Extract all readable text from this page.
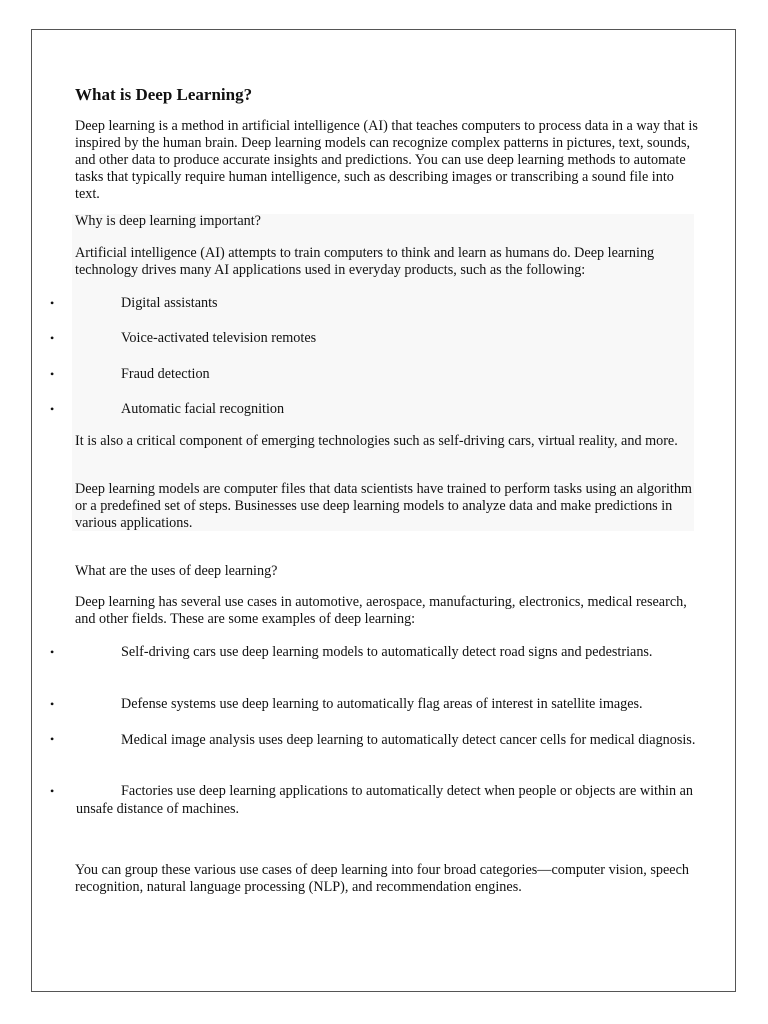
What is Deep Learning?

Deep learning is a method in artificial intelligence (AI) that teaches computers to process data in a way that is inspired by the human brain. Deep learning models can recognize complex patterns in pictures, text, sounds, and other data to produce accurate insights and predictions. You can use deep learning methods to automate tasks that typically require human intelligence, such as describing images or transcribing a sound file into text.

Why is deep learning important?

Artificial intelligence (AI) attempts to train computers to think and learn as humans do. Deep learning technology drives many AI applications used in everyday products, such as the following:

•	Digital assistants
•	Voice-activated television remotes
•	Fraud detection
•	Automatic facial recognition

It is also a critical component of emerging technologies such as self-driving cars, virtual reality, and more.

Deep learning models are computer files that data scientists have trained to perform tasks using an algorithm or a predefined set of steps. Businesses use deep learning models to analyze data and make predictions in various applications.

What are the uses of deep learning?

Deep learning has several use cases in automotive, aerospace, manufacturing, electronics, medical research, and other fields. These are some examples of deep learning:

•	Self-driving cars use deep learning models to automatically detect road signs and pedestrians.
•	Defense systems use deep learning to automatically flag areas of interest in satellite images.
•	Medical image analysis uses deep learning to automatically detect cancer cells for medical diagnosis.
•	Factories use deep learning applications to automatically detect when people or objects are within an unsafe distance of machines.

You can group these various use cases of deep learning into four broad categories—computer vision, speech recognition, natural language processing (NLP), and recommendation engines.
